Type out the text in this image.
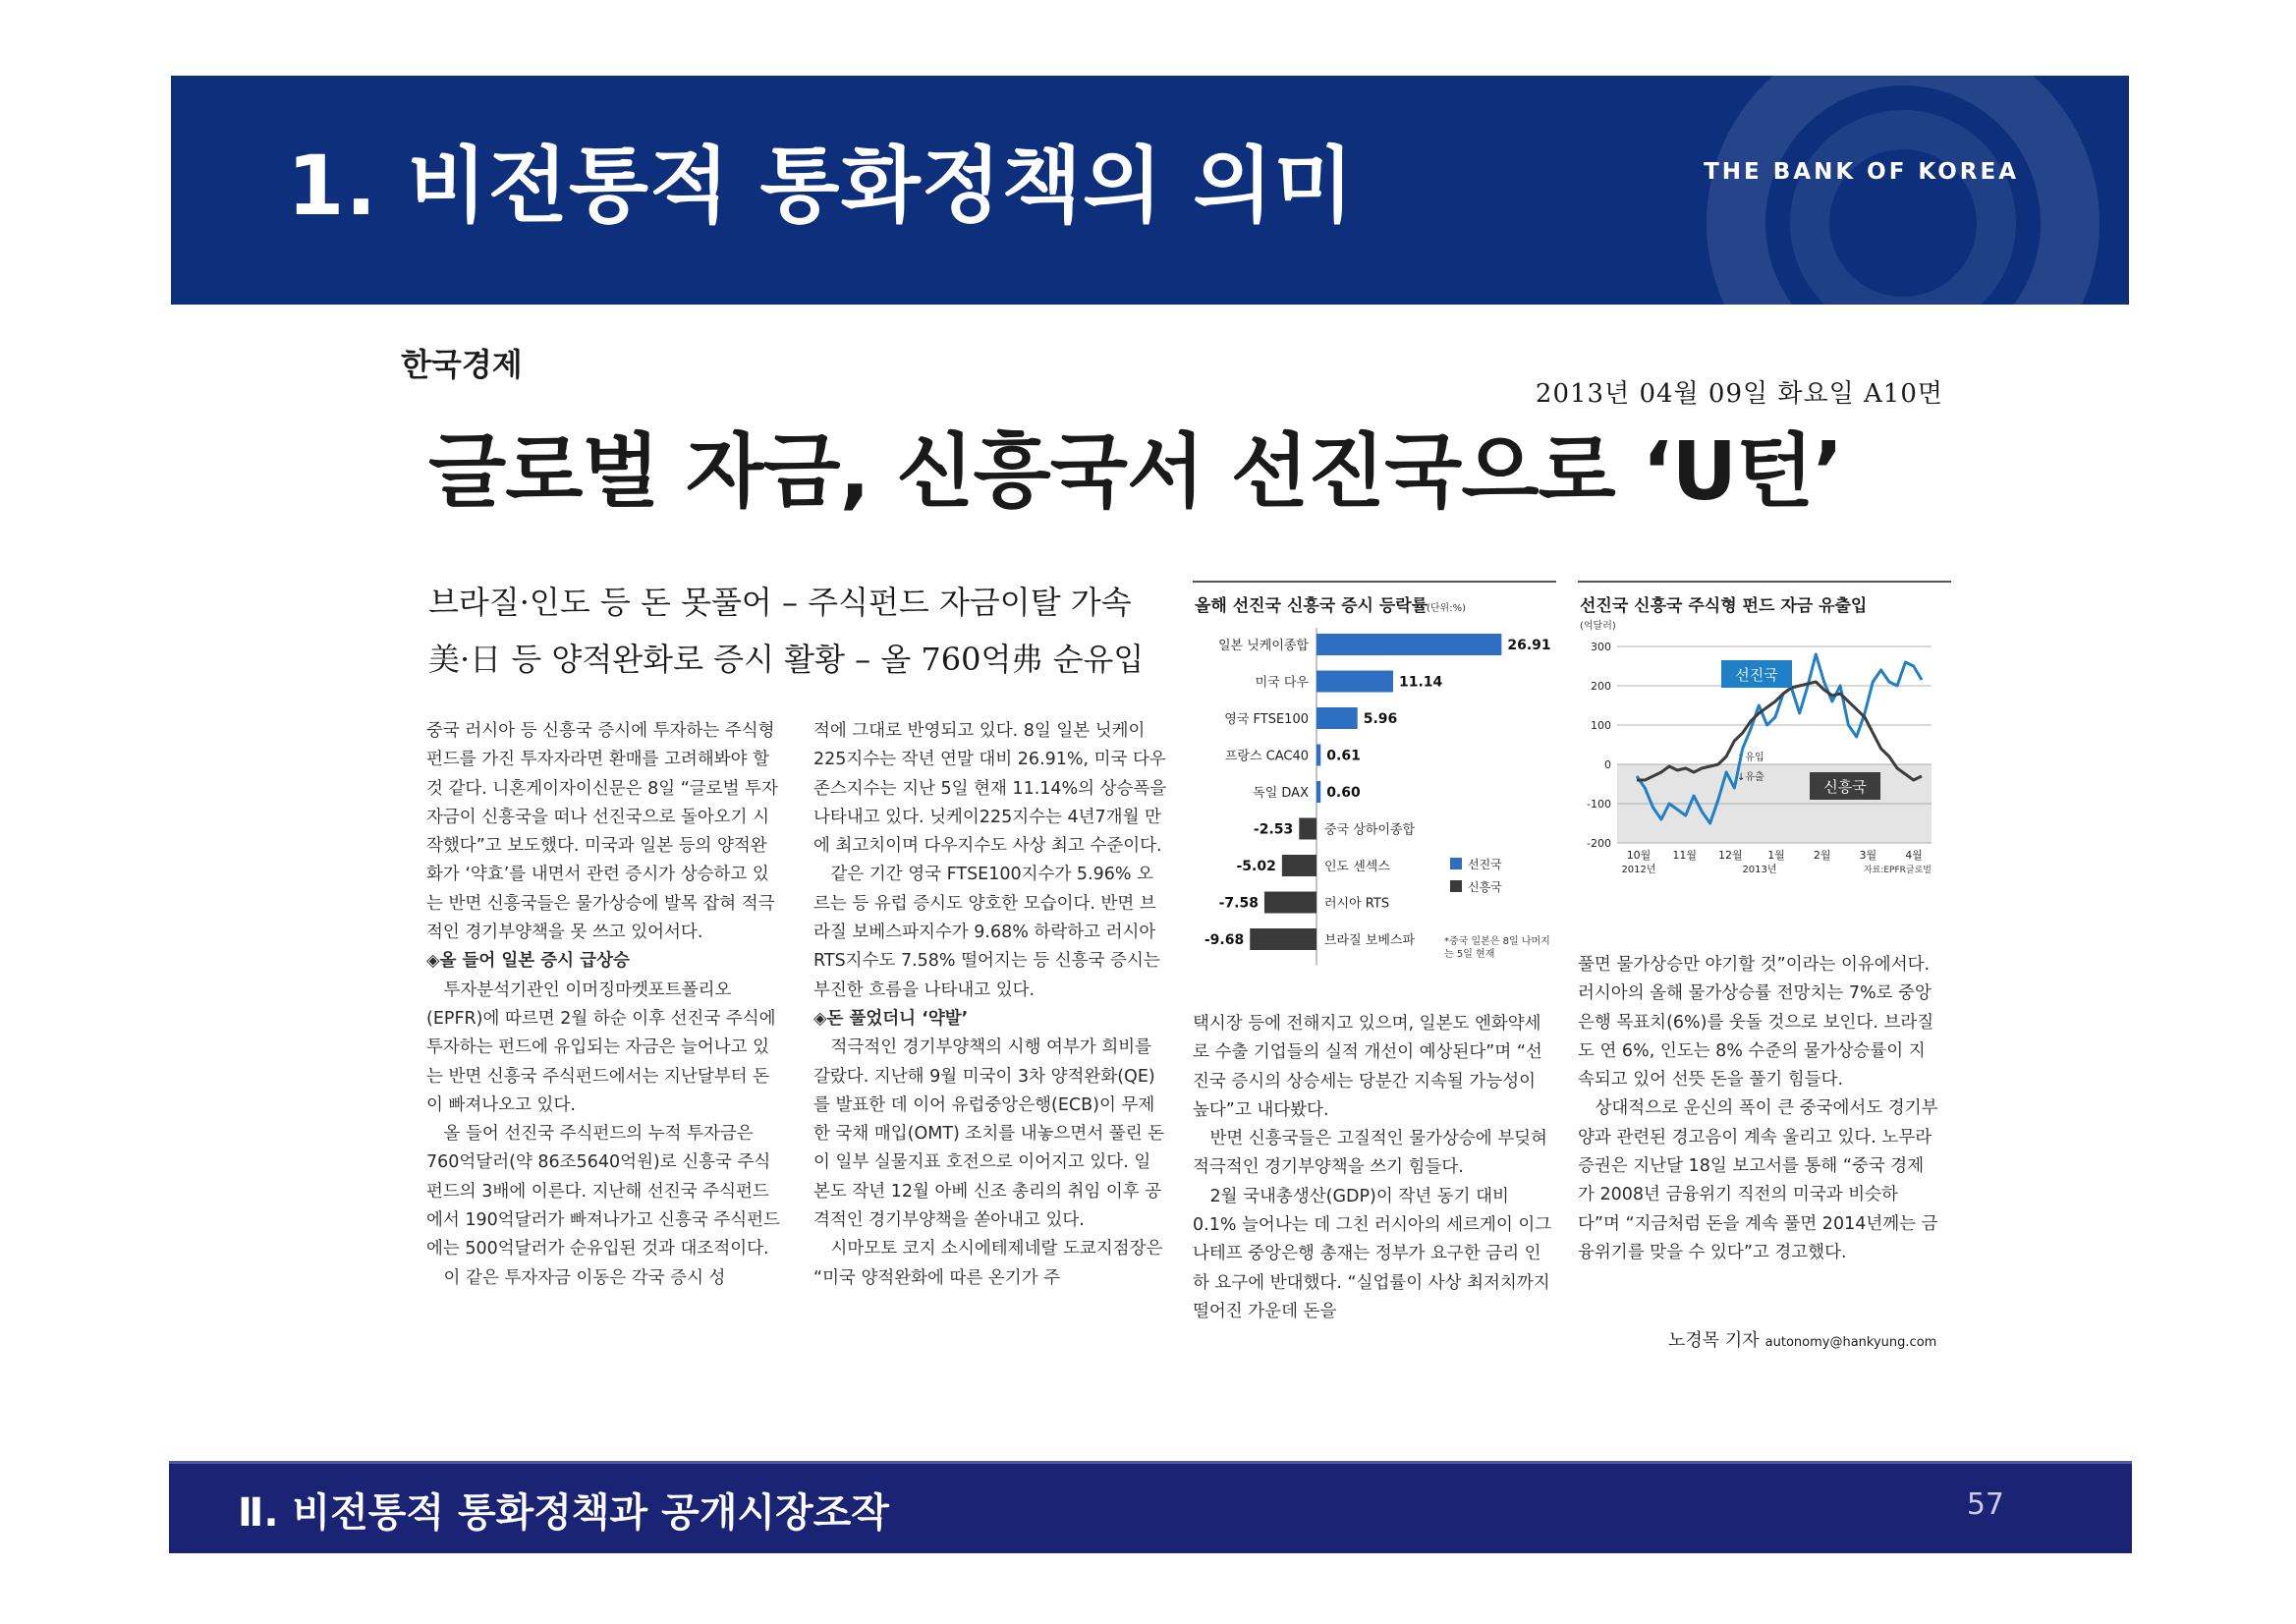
1. 비전통적 통화정책의 의미	THE BANK OF KOREA
한국경제
2013년 04월 09일 화요일 A10면
글로벌 자금, 신흥국서 선진국으로 ‘U턴’
브라질·인도 등 돈 못풀어 – 주식펀드 자금이탈 가속
美·日 등 양적완화로 증시 활황 – 올 760억弗 순유입

중국 러시아 등 신흥국 증시에 투자하는 주식형 펀드를 가진 투자자라면 환매를 고려해봐야 할 것 같다. 니혼게이자이신문은 8일 “글로벌 투자자금이 신흥국을 떠나 선진국으로 돌아오기 시작했다”고 보도했다. 미국과 일본 등의 양적완화가 ‘약효’를 내면서 관련 증시가 상승하고 있는 반면 신흥국들은 물가상승에 발목 잡혀 적극적인 경기부양책을 못 쓰고 있어서다.

◈올 들어 일본 증시 급상승

투자분석기관인 이머징마켓포트폴리오(EPFR)에 따르면 2월 하순 이후 선진국 주식에 투자하는 펀드에 유입되는 자금은 늘어나고 있는 반면 신흥국 주식펀드에서는 지난달부터 돈이 빠져나오고 있다.

올 들어 선진국 주식펀드의 누적 투자금은 760억달러(약 86조5640억원)로 신흥국 주식펀드의 3배에 이른다. 지난해 선진국 주식펀드에서 190억달러가 빠져나가고 신흥국 주식펀드에는 500억달러가 순유입된 것과 대조적이다.

이 같은 투자자금 이동은 각국 증시 성

적에 그대로 반영되고 있다. 8일 일본 닛케이225지수는 작년 연말 대비 26.91%, 미국 다우존스지수는 지난 5일 현재 11.14%의 상승폭을 나타내고 있다. 닛케이225지수는 4년7개월 만에 최고치이며 다우지수도 사상 최고 수준이다.

같은 기간 영국 FTSE100지수가 5.96% 오르는 등 유럽 증시도 양호한 모습이다. 반면 브라질 보베스파지수가 9.68% 하락하고 러시아RTS지수도 7.58% 떨어지는 등 신흥국 증시는 부진한 흐름을 나타내고 있다.

◈돈 풀었더니 ‘약발’

적극적인 경기부양책의 시행 여부가 희비를 갈랐다. 지난해 9월 미국이 3차 양적완화(QE)를 발표한 데 이어 유럽중앙은행(ECB)이 무제한 국채 매입(OMT) 조치를 내놓으면서 풀린 돈이 일부 실물지표 호전으로 이어지고 있다. 일본도 작년 12월 아베 신조 총리의 취임 이후 공격적인 경기부양책을 쏟아내고 있다.

시마모토 코지 소시에테제네랄 도쿄지점장은 “미국 양적완화에 따른 온기가 주

택시장 등에 전해지고 있으며, 일본도 엔화약세로 수출 기업들의 실적 개선이 예상된다”며 “선진국 증시의 상승세는 당분간 지속될 가능성이 높다”고 내다봤다.

반면 신흥국들은 고질적인 물가상승에 부딪혀 적극적인 경기부양책을 쓰기 힘들다.

2월 국내총생산(GDP)이 작년 동기 대비 0.1% 늘어나는 데 그친 러시아의 세르게이 이그나테프 중앙은행 총재는 정부가 요구한 금리 인하 요구에 반대했다. “실업률이 사상 최저치까지 떨어진 가운데 돈을

풀면 물가상승만 야기할 것”이라는 이유에서다. 러시아의 올해 물가상승률 전망치는 7%로 중앙은행 목표치(6%)를 웃돌 것으로 보인다. 브라질도 연 6%, 인도는 8% 수준의 물가상승률이 지속되고 있어 선뜻 돈을 풀기 힘들다.

상대적으로 운신의 폭이 큰 중국에서도 경기부양과 관련된 경고음이 계속 울리고 있다. 노무라증권은 지난달 18일 보고서를 통해 “중국 경제가 2008년 금융위기 직전의 미국과 비슷하다”며 “지금처럼 돈을 계속 풀면 2014년께는 금융위기를 맞을 수 있다”고 경고했다.

노경목 기자 autonomy@hankyung.com
올해 선진국 신흥국 증시 등락률
(단위:%)
26.91
일본 닛케이종합
11.14
미국 다우
5.96
영국 FTSE100
0.61
프랑스 CAC40
0.60
독일 DAX
-2.53 중국 상하이종합
-5.02	인도 센섹스
-7.58	러시아 RTS
-9.68	브라질 보베스파
선진국
신흥국
*중국 일본은 8일 나머지는 5일 현재
선진국 신흥국 주식형 펀드 자금 유출입
(억달러)
300
200
100
0
-100
-200
10월 11월 12월 1월	2월	3월	4월
2012년	2013년	자료:EPFR글로벌
↑유입
↓유출
선진국
신흥국
Ⅱ. 비전통적 통화정책과 공개시장조작	57
